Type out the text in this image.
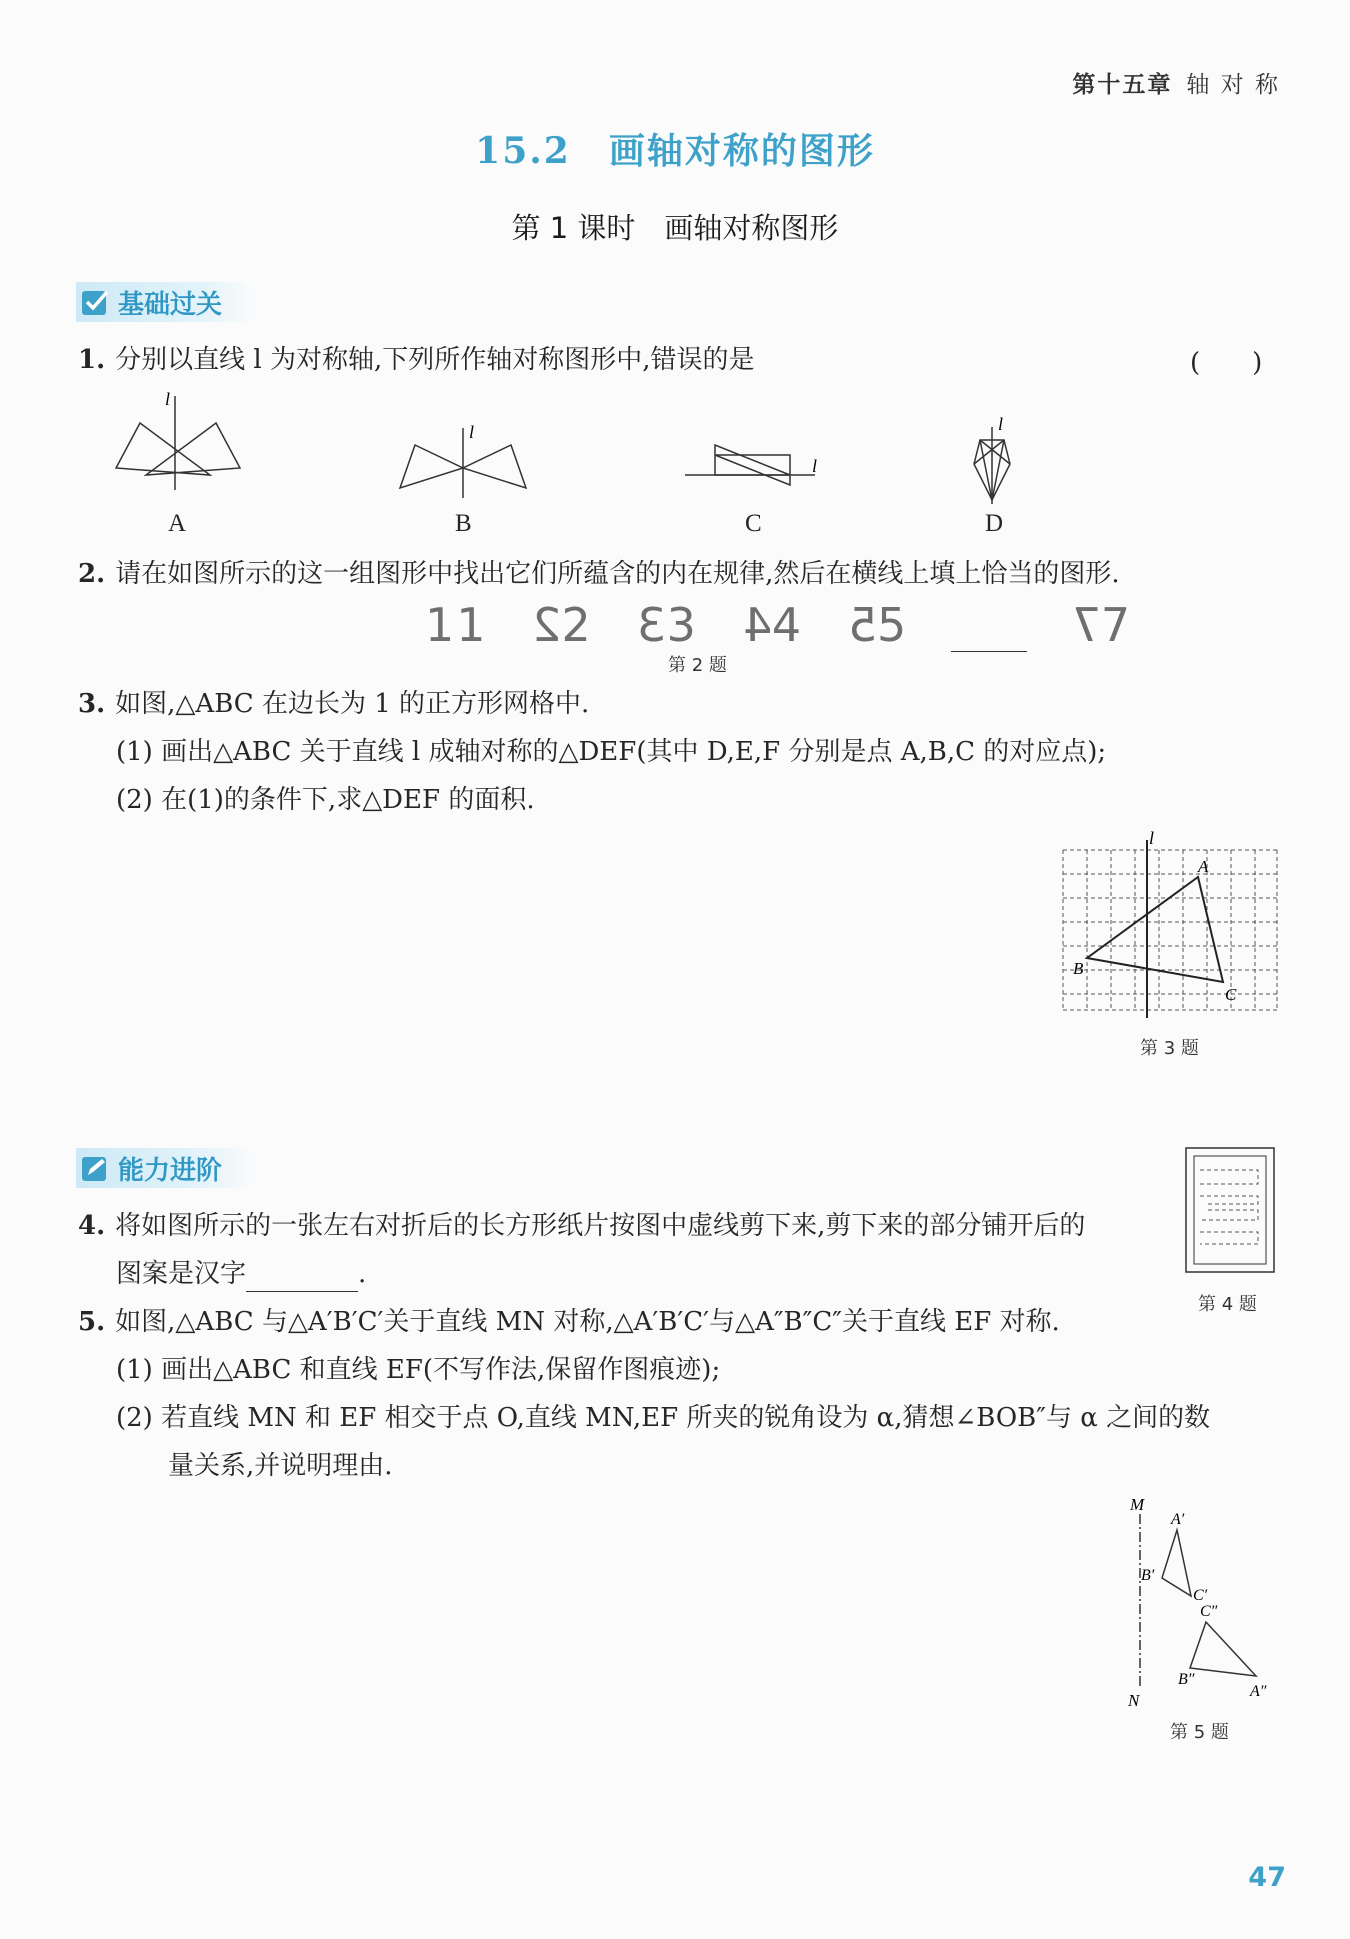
第十五章 轴 对 称
15.2　画轴对称的图形
第 1 课时　画轴对称图形
基础过关
1. 分别以直线 l 为对称轴,下列所作轴对称图形中,错误的是	(　　)
l
A
l
B
l
C
l
D
2. 请在如图所示的这一组图形中找出它们所蕴含的内在规律,然后在横线上填上恰当的图形.
11 22 33 44 55	77
第 2 题
3. 如图,△ABC 在边长为 1 的正方形网格中.
(1) 画出△ABC 关于直线 l 成轴对称的△DEF(其中 D,E,F 分别是点 A,B,C 的对应点);
(2) 在(1)的条件下,求△DEF 的面积.
l
A
B
C
第 3 题
能力进阶
第 4 题
4. 将如图所示的一张左右对折后的长方形纸片按图中虚线剪下来,剪下来的部分铺开后的
图案是汉字	.
5. 如图,△ABC 与△A′B′C′关于直线 MN 对称,△A′B′C′与△A″B″C″关于直线 EF 对称.
(1) 画出△ABC 和直线 EF(不写作法,保留作图痕迹);
(2) 若直线 MN 和 EF 相交于点 O,直线 MN,EF 所夹的锐角设为 α,猜想∠BOB″与 α 之间的数
量关系,并说明理由.
M
N
A′
B′
C′
C″
B″
A″
第 5 题
47
